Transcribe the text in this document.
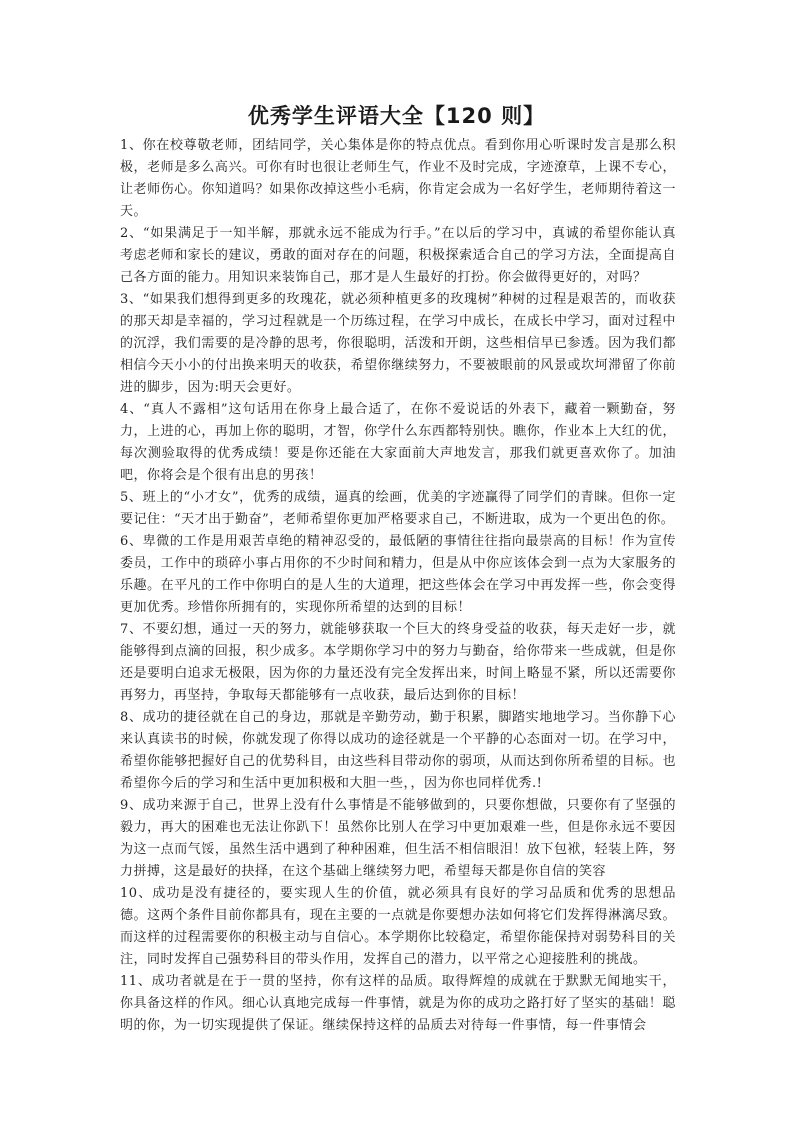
优秀学生评语大全【120 则】

1、你在校尊敬老师，团结同学，关心集体是你的特点优点。看到你用心听课时发言是那么积极，老师是多么高兴。可你有时也很让老师生气，作业不及时完成，字迹潦草，上课不专心，让老师伤心。你知道吗？如果你改掉这些小毛病，你肯定会成为一名好学生，老师期待着这一天。

2、“如果满足于一知半解，那就永远不能成为行手。”在以后的学习中，真诚的希望你能认真考虑老师和家长的建议，勇敢的面对存在的问题，积极探索适合自己的学习方法，全面提高自己各方面的能力。用知识来装饰自己，那才是人生最好的打扮。你会做得更好的，对吗？

3、“如果我们想得到更多的玫瑰花，就必须种植更多的玫瑰树”种树的过程是艰苦的，而收获的那天却是幸福的，学习过程就是一个历练过程，在学习中成长，在成长中学习，面对过程中的沉浮，我们需要的是冷静的思考，你很聪明，活泼和开朗，这些相信早已参透。因为我们都相信今天小小的付出换来明天的收获，希望你继续努力，不要被眼前的风景或坎坷滞留了你前进的脚步，因为:明天会更好。

4、“真人不露相”这句话用在你身上最合适了，在你不爱说话的外表下，藏着一颗勤奋，努力，上进的心，再加上你的聪明，才智，你学什么东西都特别快。瞧你，作业本上大红的优，每次测验取得的优秀成绩！要是你还能在大家面前大声地发言，那我们就更喜欢你了。加油吧，你将会是个很有出息的男孩！

5、班上的“小才女”，优秀的成绩，逼真的绘画，优美的字迹赢得了同学们的青睐。但你一定要记住：“天才出于勤奋”，老师希望你更加严格要求自己，不断进取，成为一个更出色的你。

6、卑微的工作是用艰苦卓绝的精神忍受的，最低陋的事情往往指向最崇高的目标！作为宣传委员，工作中的琐碎小事占用你的不少时间和精力，但是从中你应该体会到一点为大家服务的乐趣。在平凡的工作中你明白的是人生的大道理，把这些体会在学习中再发挥一些，你会变得更加优秀。珍惜你所拥有的，实现你所希望的达到的目标！

7、不要幻想，通过一天的努力，就能够获取一个巨大的终身受益的收获，每天走好一步，就能够得到点滴的回报，积少成多。本学期你学习中的努力与勤奋，给你带来一些成就，但是你还是要明白追求无极限，因为你的力量还没有完全发挥出来，时间上略显不紧，所以还需要你再努力，再坚持，争取每天都能够有一点收获，最后达到你的目标！

8、成功的捷径就在自己的身边，那就是辛勤劳动，勤于积累，脚踏实地地学习。当你静下心来认真读书的时候，你就发现了你得以成功的途径就是一个平静的心态面对一切。在学习中，希望你能够把握好自己的优势科目，由这些科目带动你的弱项，从而达到你所希望的目标。也希望你今后的学习和生活中更加积极和大胆一些，，因为你也同样优秀.!

9、成功来源于自己，世界上没有什么事情是不能够做到的，只要你想做，只要你有了坚强的毅力，再大的困难也无法让你趴下！虽然你比别人在学习中更加艰难一些，但是你永远不要因为这一点而气馁，虽然生活中遇到了种种困难，但生活不相信眼泪！放下包袱，轻装上阵，努力拼搏，这是最好的抉择，在这个基础上继续努力吧，希望每天都是你自信的笑容

10、成功是没有捷径的，要实现人生的价值，就必须具有良好的学习品质和优秀的思想品德。这两个条件目前你都具有，现在主要的一点就是你要想办法如何将它们发挥得淋漓尽致。而这样的过程需要你的积极主动与自信心。本学期你比较稳定，希望你能保持对弱势科目的关注，同时发挥自己强势科目的带头作用，发挥自己的潜力，以平常之心迎接胜利的挑战。

11、成功者就是在于一贯的坚持，你有这样的品质。取得辉煌的成就在于默默无闻地实干，你具备这样的作风。细心认真地完成每一件事情，就是为你的成功之路打好了坚实的基础！聪明的你，为一切实现提供了保证。继续保持这样的品质去对待每一件事情，每一件事情会
